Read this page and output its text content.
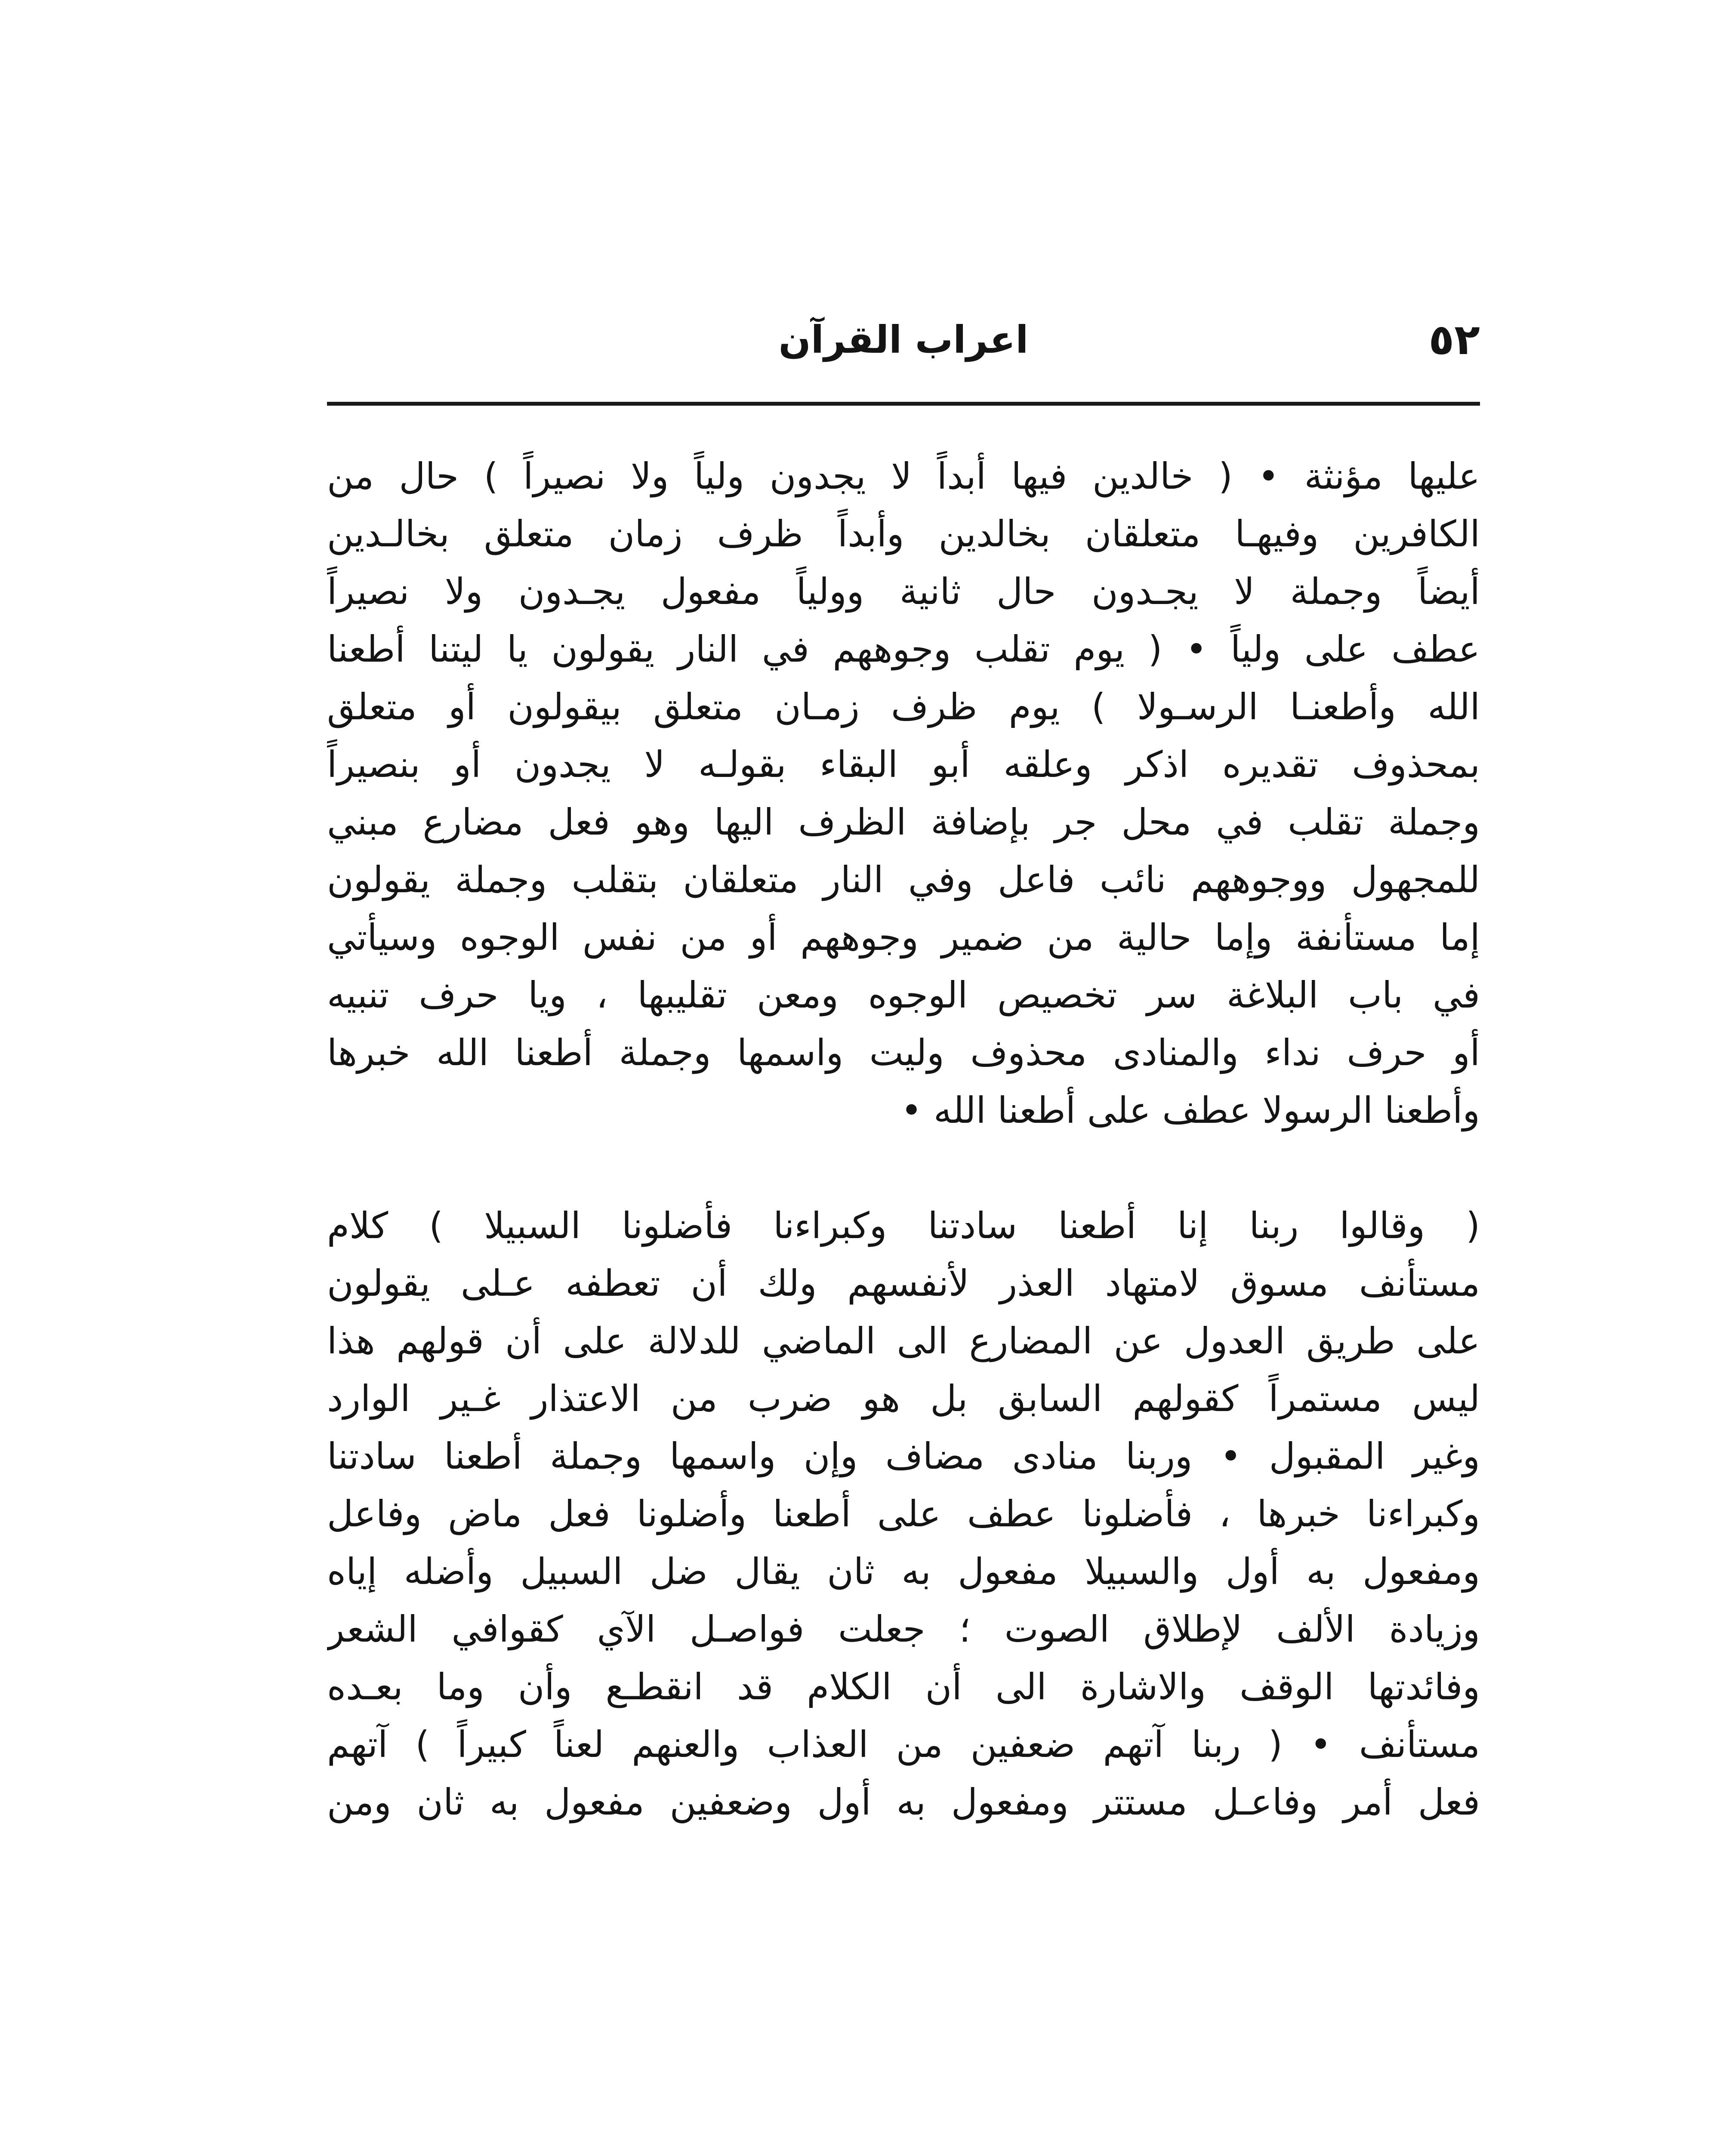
٥٢
اعراب القرآن
عليها مؤنثة • ( خالدين فيها أبداً لا يجدون ولياً ولا نصيراً ) حال من
الكافرين وفيهـا متعلقان بخالدين وأبداً ظرف زمان متعلق بخالـدين
أيضاً وجملة لا يجـدون حال ثانية وولياً مفعول يجـدون ولا نصيراً
عطف على ولياً • ( يوم تقلب وجوههم في النار يقولون يا ليتنا أطعنا
الله وأطعنـا الرسـولا ) يوم ظرف زمـان متعلق بيقولون أو متعلق
بمحذوف تقديره اذكر وعلقه أبو البقاء بقولـه لا يجدون أو بنصيراً
وجملة تقلب في محل جر بإضافة الظرف اليها وهو فعل مضارع مبني
للمجهول ووجوههم نائب فاعل وفي النار متعلقان بتقلب وجملة يقولون
إما مستأنفة وإما حالية من ضمير وجوههم أو من نفس الوجوه وسيأتي
في باب البلاغة سر تخصيص الوجوه ومعن تقليبها ، ويا حرف تنبيه
أو حرف نداء والمنادى محذوف وليت واسمها وجملة أطعنا الله خبرها
وأطعنا الرسولا عطف على أطعنا الله •
( وقالوا ربنا إنا أطعنا سادتنا وكبراءنا فأضلونا السبيلا ) كلام
مستأنف مسوق لامتهاد العذر لأنفسهم ولك أن تعطفه عـلى يقولون
على طريق العدول عن المضارع الى الماضي للدلالة على أن قولهم هذا
ليس مستمراً كقولهم السابق بل هو ضرب من الاعتذار غـير الوارد
وغير المقبول • وربنا منادى مضاف وإن واسمها وجملة أطعنا سادتنا
وكبراءنا خبرها ، فأضلونا عطف على أطعنا وأضلونا فعل ماض وفاعل
ومفعول به أول والسبيلا مفعول به ثان يقال ضل السبيل وأضله إياه
وزيادة الألف لإطلاق الصوت ؛ جعلت فواصـل الآي كقوافي الشعر
وفائدتها الوقف والاشارة الى أن الكلام قد انقطـع وأن وما بعـده
مستأنف • ( ربنا آتهم ضعفين من العذاب والعنهم لعناً كبيراً ) آتهم
فعل أمر وفاعـل مستتر ومفعول به أول وضعفين مفعول به ثان ومن
